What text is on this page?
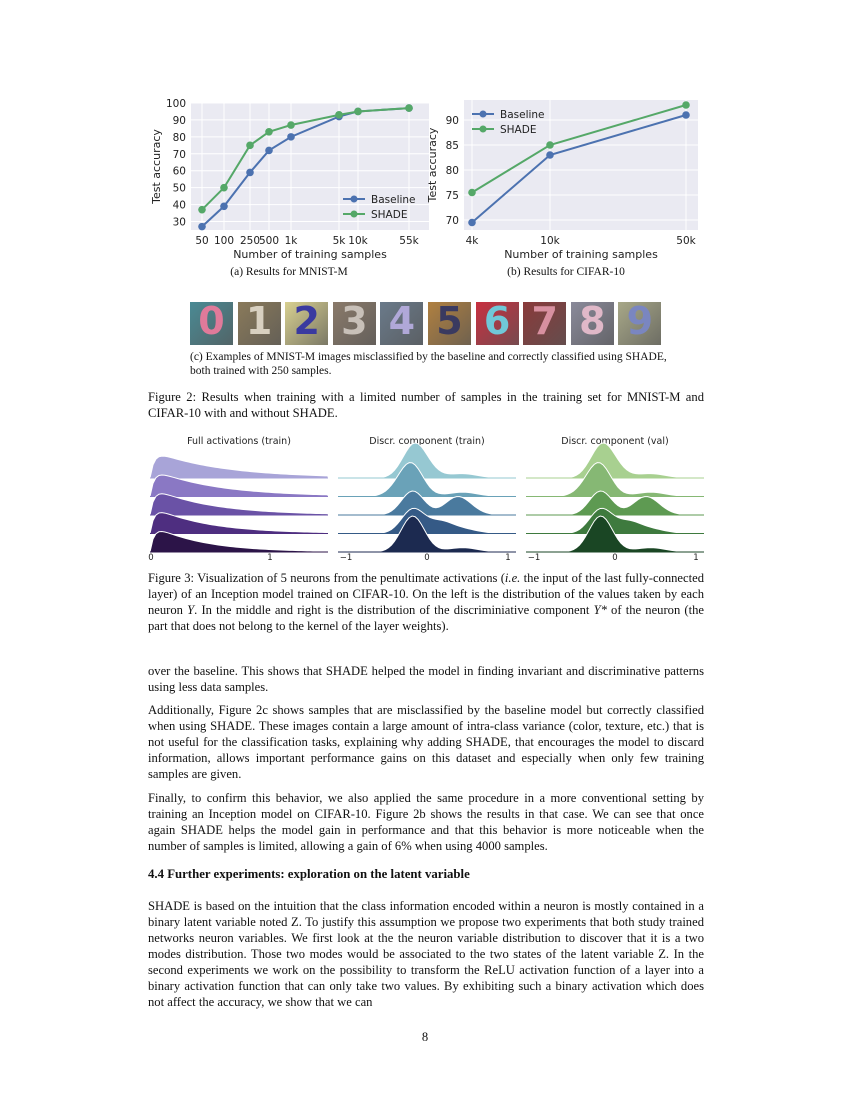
30
40
50
60
70
80
90
100
50 100 250
500 1k	5k 10k	55k
Number of training samples
Test accuracy	Baseline
SHADE
(a) Results for MNIST-M
70
75
80
85
90
4k	10k	50k
Number of training samples
Test accuracy
Baseline
SHADE
(b) Results for CIFAR-10
0 1 2 3 4 5 6 7 8 9
(c) Examples of MNIST-M images misclassified by the baseline and correctly classified using SHADE, both trained with 250 samples.
Figure 2: Results when training with a limited number of samples in the training set for MNIST-M and CIFAR-10 with and without SHADE.
Full activations (train)
0	1
Discr. component (train)
−1	0	1
Discr. component (val)
−1	0	1
Figure 3: Visualization of 5 neurons from the penultimate activations (i.e. the input of the last fully-connected layer) of an Inception model trained on CIFAR-10. On the left is the distribution of the values taken by each neuron Y. In the middle and right is the distribution of the discriminiative component Y* of the neuron (the part that does not belong to the kernel of the layer weights).
over the baseline. This shows that SHADE helped the model in finding invariant and discriminative patterns using less data samples.
Additionally, Figure 2c shows samples that are misclassified by the baseline model but correctly classified when using SHADE. These images contain a large amount of intra-class variance (color, texture, etc.) that is not useful for the classification tasks, explaining why adding SHADE, that encourages the model to discard information, allows important performance gains on this dataset and especially when only few training samples are given.
Finally, to confirm this behavior, we also applied the same procedure in a more conventional setting by training an Inception model on CIFAR-10. Figure 2b shows the results in that case. We can see that once again SHADE helps the model gain in performance and that this behavior is more noticeable when the number of samples is limited, allowing a gain of 6% when using 4000 samples.
4.4 Further experiments: exploration on the latent variable
SHADE is based on the intuition that the class information encoded within a neuron is mostly contained in a binary latent variable noted Z. To justify this assumption we propose two experiments that both study trained networks neuron variables. We first look at the the neuron variable distribution to discover that it is a two modes distribution. Those two modes would be associated to the two states of the latent variable Z. In the second experiments we work on the possibility to transform the ReLU activation function of a layer into a binary activation function that can only take two values. By exhibiting such a binary activation which does not affect the accuracy, we show that we can
8
